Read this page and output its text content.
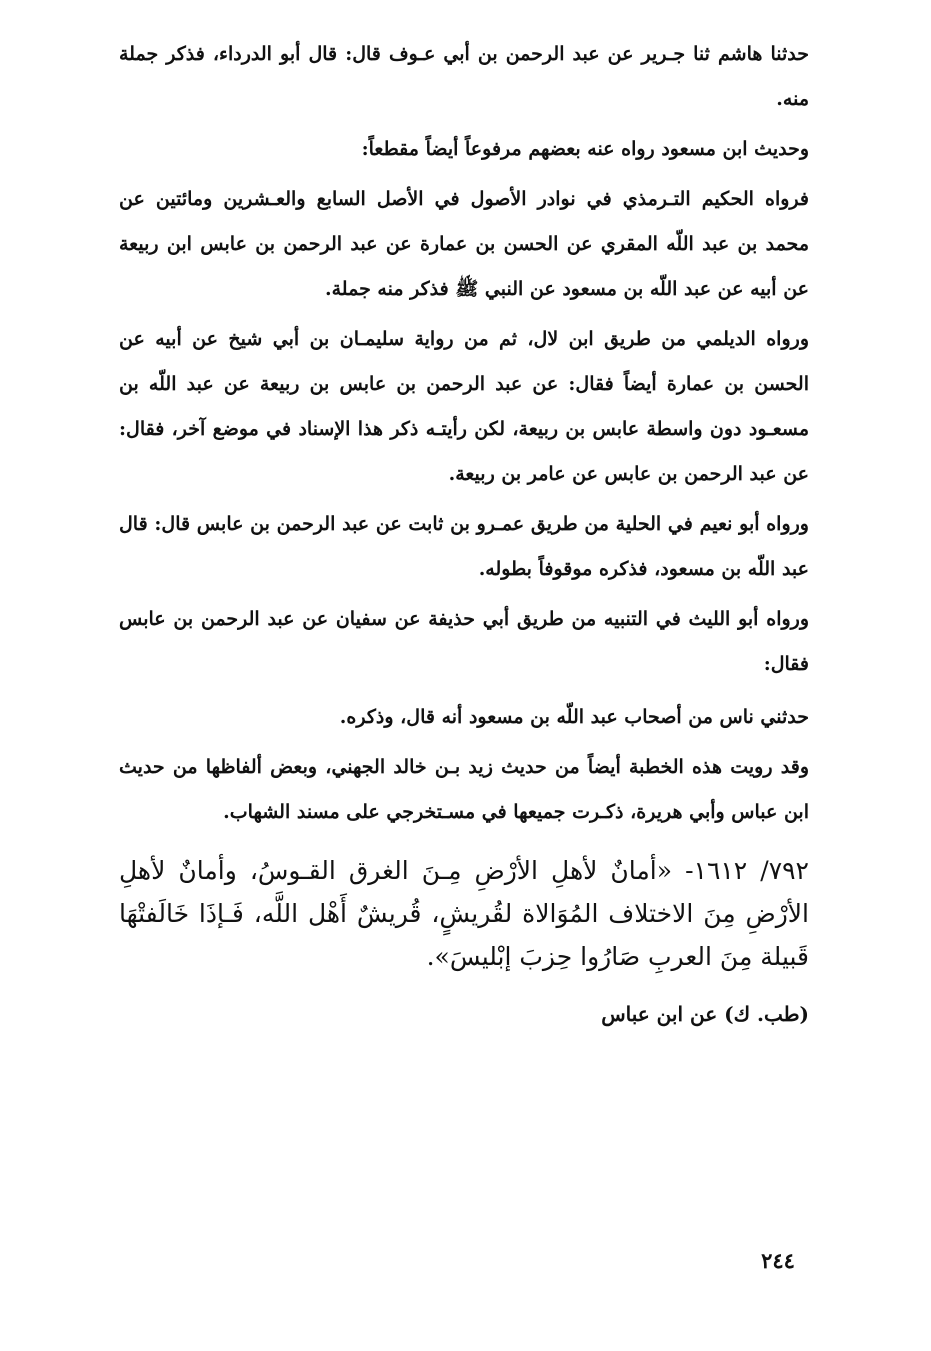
حدثنا هاشم ثنا جـرير عن عبد الرحمن بن أبي عـوف قال: قال أبو الدرداء، فذكر جملة منه.

وحديث ابن مسعود رواه عنه بعضهم مرفوعاً أيضاً مقطعاً:

فرواه الحكيم التـرمذي في نوادر الأصول في الأصل السابع والعـشرين ومائتين عن محمد بن عبد اللّه المقري عن الحسن بن عمارة عن عبد الرحمن بن عابس ابن ربيعة عن أبيه عن عبد اللّه بن مسعود عن النبي ﷺ فذكر منه جملة.

ورواه الديلمي من طريق ابن لال، ثم من رواية سليمـان بن أبي شيخ عن أبيه عن الحسن بن عمارة أيضاً فقال: عن عبد الرحمن بن عابس بن ربيعة عن عبد اللّه بن مسعـود دون واسطة عابس بن ربيعة، لكن رأيتـه ذكر هذا الإسناد في موضع آخر، فقال: عن عبد الرحمن بن عابس عن عامر بن ربيعة.

ورواه أبو نعيم في الحلية من طريق عمـرو بن ثابت عن عبد الرحمن بن عابس قال: قال عبد اللّه بن مسعود، فذكره موقوفاً بطوله.

ورواه أبو الليث في التنبيه من طريق أبي حذيفة عن سفيان عن عبد الرحمن بن عابس فقال:

حدثني ناس من أصحاب عبد اللّه بن مسعود أنه قال، وذكره.

وقد رويت هذه الخطبة أيضاً من حديث زيد بـن خالد الجهني، وبعض ألفاظها من حديث ابن عباس وأبي هريرة، ذكـرت جميعها في مسـتخرجي على مسند الشهاب.

٧٩٢/ ١٦١٢- «أمانٌ لأهلِ الأرْضِ مِـنَ الغرق القـوسُ، وأمانٌ لأهلِ الأرْضِ مِنَ الاختلاف المُوَالاة لقُريشٍ، قُريشٌ أَهْل اللَّه، فَـإذَا خَالَفتْهَا قَبيلة مِنَ العربِ صَارُوا حِزبَ إبْليسَ».

(طب. ك) عن ابن عباس

٢٤٤
